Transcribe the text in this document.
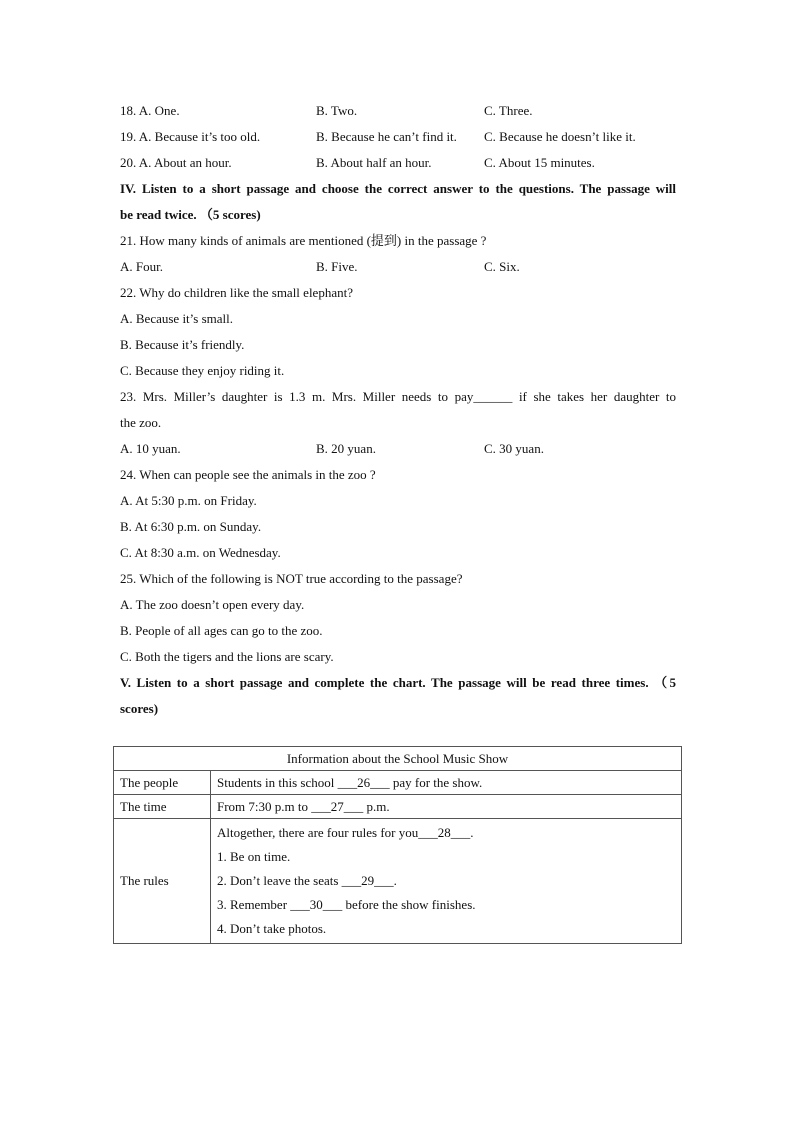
18. A. One.	B. Two.	C. Three.
19. A. Because it’s too old.	B. Because he can’t find it. C. Because he doesn’t like it.
20. A. About an hour.	B. About half an hour.	C. About 15 minutes.
IV. Listen to a short passage and choose the correct answer to the questions. The passage will
be read twice. （5 scores)
21. How many kinds of animals are mentioned (提到) in the passage ?
A. Four.	B. Five.	C. Six.
22. Why do children like the small elephant?
A. Because it’s small.
B. Because it’s friendly.
C. Because they enjoy riding it.
23. Mrs. Miller’s daughter is 1.3 m. Mrs. Miller needs to pay______ if she takes her daughter to
the zoo.
A. 10 yuan.	B. 20 yuan.	C. 30 yuan.
24. When can people see the animals in the zoo ?
A. At 5:30 p.m. on Friday.
B. At 6:30 p.m. on Sunday.
C. At 8:30 a.m. on Wednesday.
25. Which of the following is NOT true according to the passage?
A. The zoo doesn’t open every day.
B. People of all ages can go to the zoo.
C. Both the tigers and the lions are scary.
V. Listen to a short passage and complete the chart. The passage will be read three times. （5
scores)
Information about the School Music Show	
The people	Students in this school ___26___ pay for the show.
The time	From 7:30 p.m to ___27___ p.m.
The rules	Altogether, there are four rules for you___28___.
1. Be on time.
2. Don’t leave the seats ___29___.
3. Remember ___30___ before the show finishes.
4. Don’t take photos.
